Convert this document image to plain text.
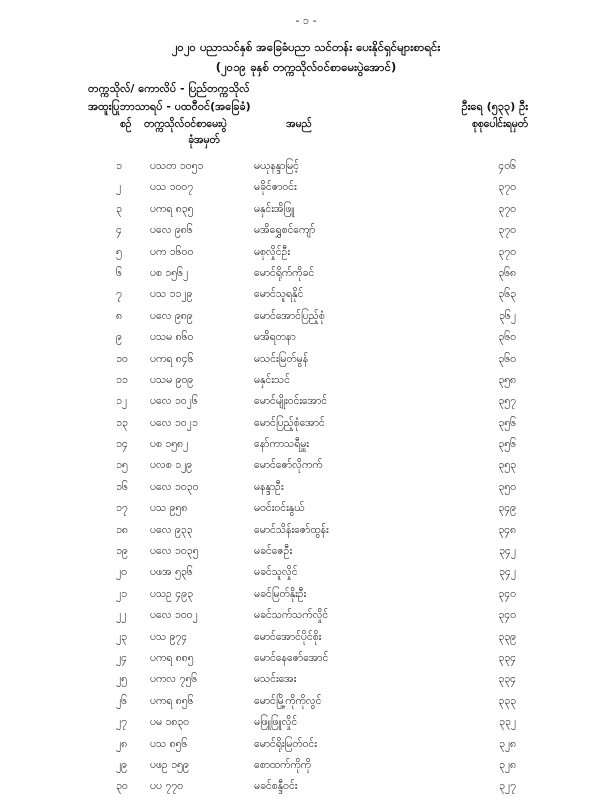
- ၁ -
၂၀၂၀ ပညာသင်နှစ် အခြေခံပညာ သင်တန်း ပေးနိုင်ရှင်များစာရင်း
(၂၀၁၉ ခုနှစ် တက္ကသိုလ်ဝင်စာမေးပွဲအောင်)
တက္ကသိုလ်/ ကောလိပ် - ပြည်တက္ကသိုလ်
အထူးပြုဘာသာရပ် - ပထဝီဝင်(အခြေခံ)	ဦးရေ (၅၃၃) ဦး
စဉ် တက္ကသိုလ်ဝင်စာမေးပွဲ
ခုံအမှတ်
အမည်	စုစုပေါင်းရမှတ်
၁	ပသတ ၁၀၅၁	မယုနန္ဒာမြင့်	၄၀၆
၂	ပသ ၁၀၀၇	မခိုင်ဇာဝင်း	၃၇၀
၃	ပကရ ၈၃၅	မနှင်းအိဖြူ	၃၇၀
၄	ပလေ ၉၈၆	မအိရွှေစင်ကျော်	၃၇၀
၅	ပက ၁၆၀၀	မစုလှိုင်ဦး	၃၇၀
၆	ပစ ၁၅၆၂	မောင်ရိုက်ကိုခင်	၃၆၈
၇	ပသ ၁၁၂၉	မောင်သူရနိုင်	၃၆၃
၈	ပလေ ၉၈၉	မောင်အောင်ပြည့်စုံ	၃၆၂
၉	ပသမ ၈၆၀	မအိရတနာ	၃၆၀
၁၀ ပကရ ၈၄၆	မသင်းမြတ်မွန်	၃၆၀
၁၁ ပသမ ၉၀၉	မနှင်းသင်	၃၅၈
၁၂ ပလေ ၁၀၂၆	မောင်မျိုးဝင်းအောင်	၃၅၇
၁၃ ပလေ ၁၀၂၁	မောင်ပြည့်စုံအောင်	၃၅၆
၁၄ ပစ ၁၅၈၂	နော်ကာသရီမှူး	၃၅၆
၁၅ ပလစ ၁၂၉	မောင်ဇော်လိုကက်	၃၅၃
၁၆ ပလေ ၁၀၃၀	မနန္ဒာဦး	၃၅၀
၁၇ ပသ ၉၅၈	မဝင်းဝင်းနွယ်	၃၄၉
၁၈ ပလေ ၉၃၃	မောင်သိန်းဇော်ထွန်း	၃၄၈
၁၉ ပလေ ၁၀၃၅	မခင်ဇေဦး	၃၄၂
၂၀ ပဖအ ၅၃၆	မခင်သူလှိုင်	၃၄၂
၂၁ ပသဥ ၄၉၃	မခင်မြတ်နိုးဦး	၃၄၀
၂၂ ပလေ ၁၀၀၂	မခင်သက်သက်လှိုင်	၃၄၀
၂၃ ပသ ၉၇၄	မောင်အောင်ပိုင်စိုး	၃၃၉
၂၄ ပကရ ၈၈၅	မောင်နေဇော်အောင်	၃၃၄
၂၅ ပကလ ၇၅၆	မသင်းအေး	၃၃၄
၂၆ ပကရ ၈၅၆	မောင်မြို့ကိုကိုလွင်	၃၃၃
၂၇ ပမ ၁၈၃၀	မဖြူဖြူလှိုင်	၃၃၂
၂၈ ပသ ၈၅၆	မောင်ရိုးမြတ်ဝင်း	၃၂၈
၂၉ ပဖဥ ၁၅၉	စောထက်ကိုကို	၃၂၈
၃၀ ပပ ၇၇၀	မခင်စန္ဒီဝင်း	၃၂၇
